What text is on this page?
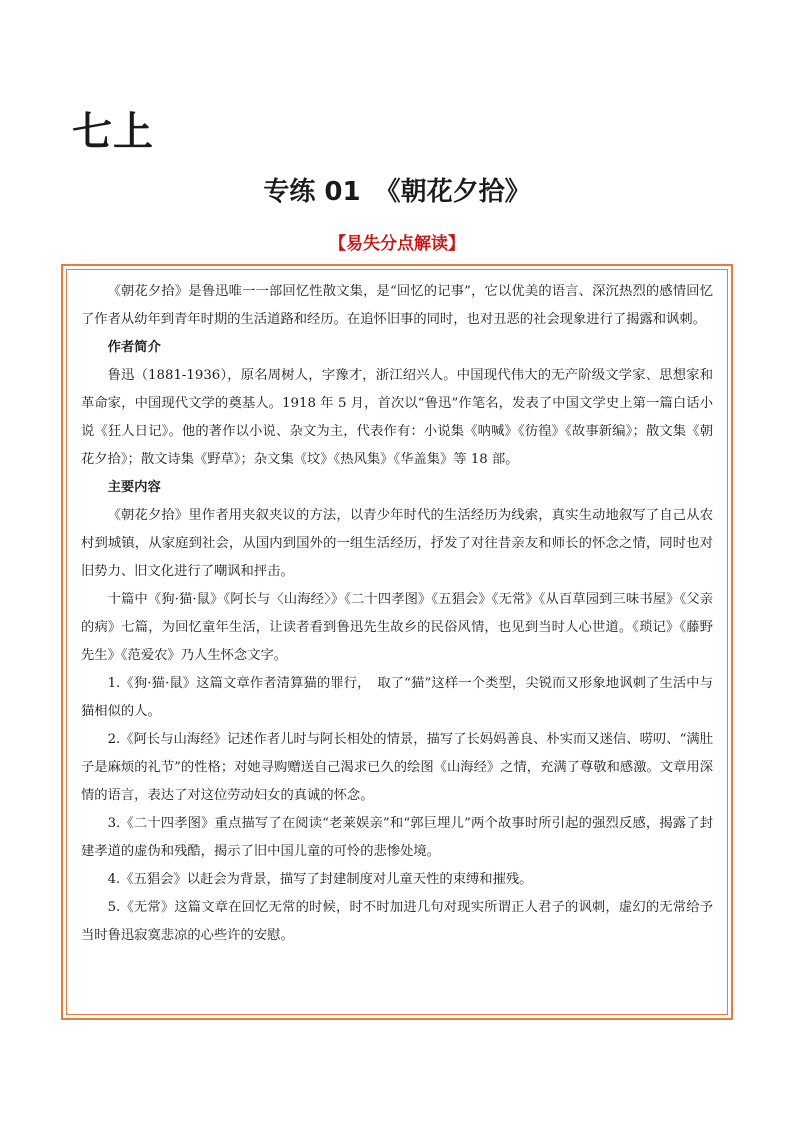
七上
专练 01 《朝花夕拾》
【易失分点解读】

《朝花夕拾》是鲁迅唯一一部回忆性散文集，是“回忆的记事”，它以优美的语言、深沉热烈的感情回忆了作者从幼年到青年时期的生活道路和经历。在追怀旧事的同时，也对丑恶的社会现象进行了揭露和讽刺。

作者简介

鲁迅（1881-1936），原名周树人，字豫才，浙江绍兴人。中国现代伟大的无产阶级文学家、思想家和革命家，中国现代文学的奠基人。1918 年 5 月，首次以“鲁迅”作笔名，发表了中国文学史上第一篇白话小说《狂人日记》。他的著作以小说、杂文为主，代表作有：小说集《呐喊》《彷徨》《故事新编》；散文集《朝花夕拾》；散文诗集《野草》；杂文集《坟》《热风集》《华盖集》等 18 部。

主要内容

《朝花夕拾》里作者用夹叙夹议的方法，以青少年时代的生活经历为线索，真实生动地叙写了自己从农村到城镇，从家庭到社会，从国内到国外的一组生活经历，抒发了对往昔亲友和师长的怀念之情，同时也对旧势力、旧文化进行了嘲讽和抨击。

十篇中《狗·猫·鼠》《阿长与〈山海经〉》《二十四孝图》《五猖会》《无常》《从百草园到三味书屋》《父亲的病》七篇，为回忆童年生活，让读者看到鲁迅先生故乡的民俗风情，也见到当时人心世道。《琐记》《藤野先生》《范爱农》乃人生怀念文字。

1.《狗·猫·鼠》这篇文章作者清算猫的罪行，　取了“猫”这样一个类型，尖锐而又形象地讽刺了生活中与猫相似的人。

2.《阿长与山海经》记述作者儿时与阿长相处的情景，描写了长妈妈善良、朴实而又迷信、唠叨、“满肚子是麻烦的礼节”的性格；对她寻购赠送自己渴求已久的绘图《山海经》之情，充满了尊敬和感激。文章用深情的语言，表达了对这位劳动妇女的真诚的怀念。

3.《二十四孝图》重点描写了在阅读“老莱娱亲”和“郭巨埋儿”两个故事时所引起的强烈反感，揭露了封建孝道的虚伪和残酷，揭示了旧中国儿童的可怜的悲惨处境。

4.《五猖会》以赶会为背景，描写了封建制度对儿童天性的束缚和摧残。

5.《无常》这篇文章在回忆无常的时候，时不时加进几句对现实所谓正人君子的讽刺，虚幻的无常给予当时鲁迅寂寞悲凉的心些许的安慰。
